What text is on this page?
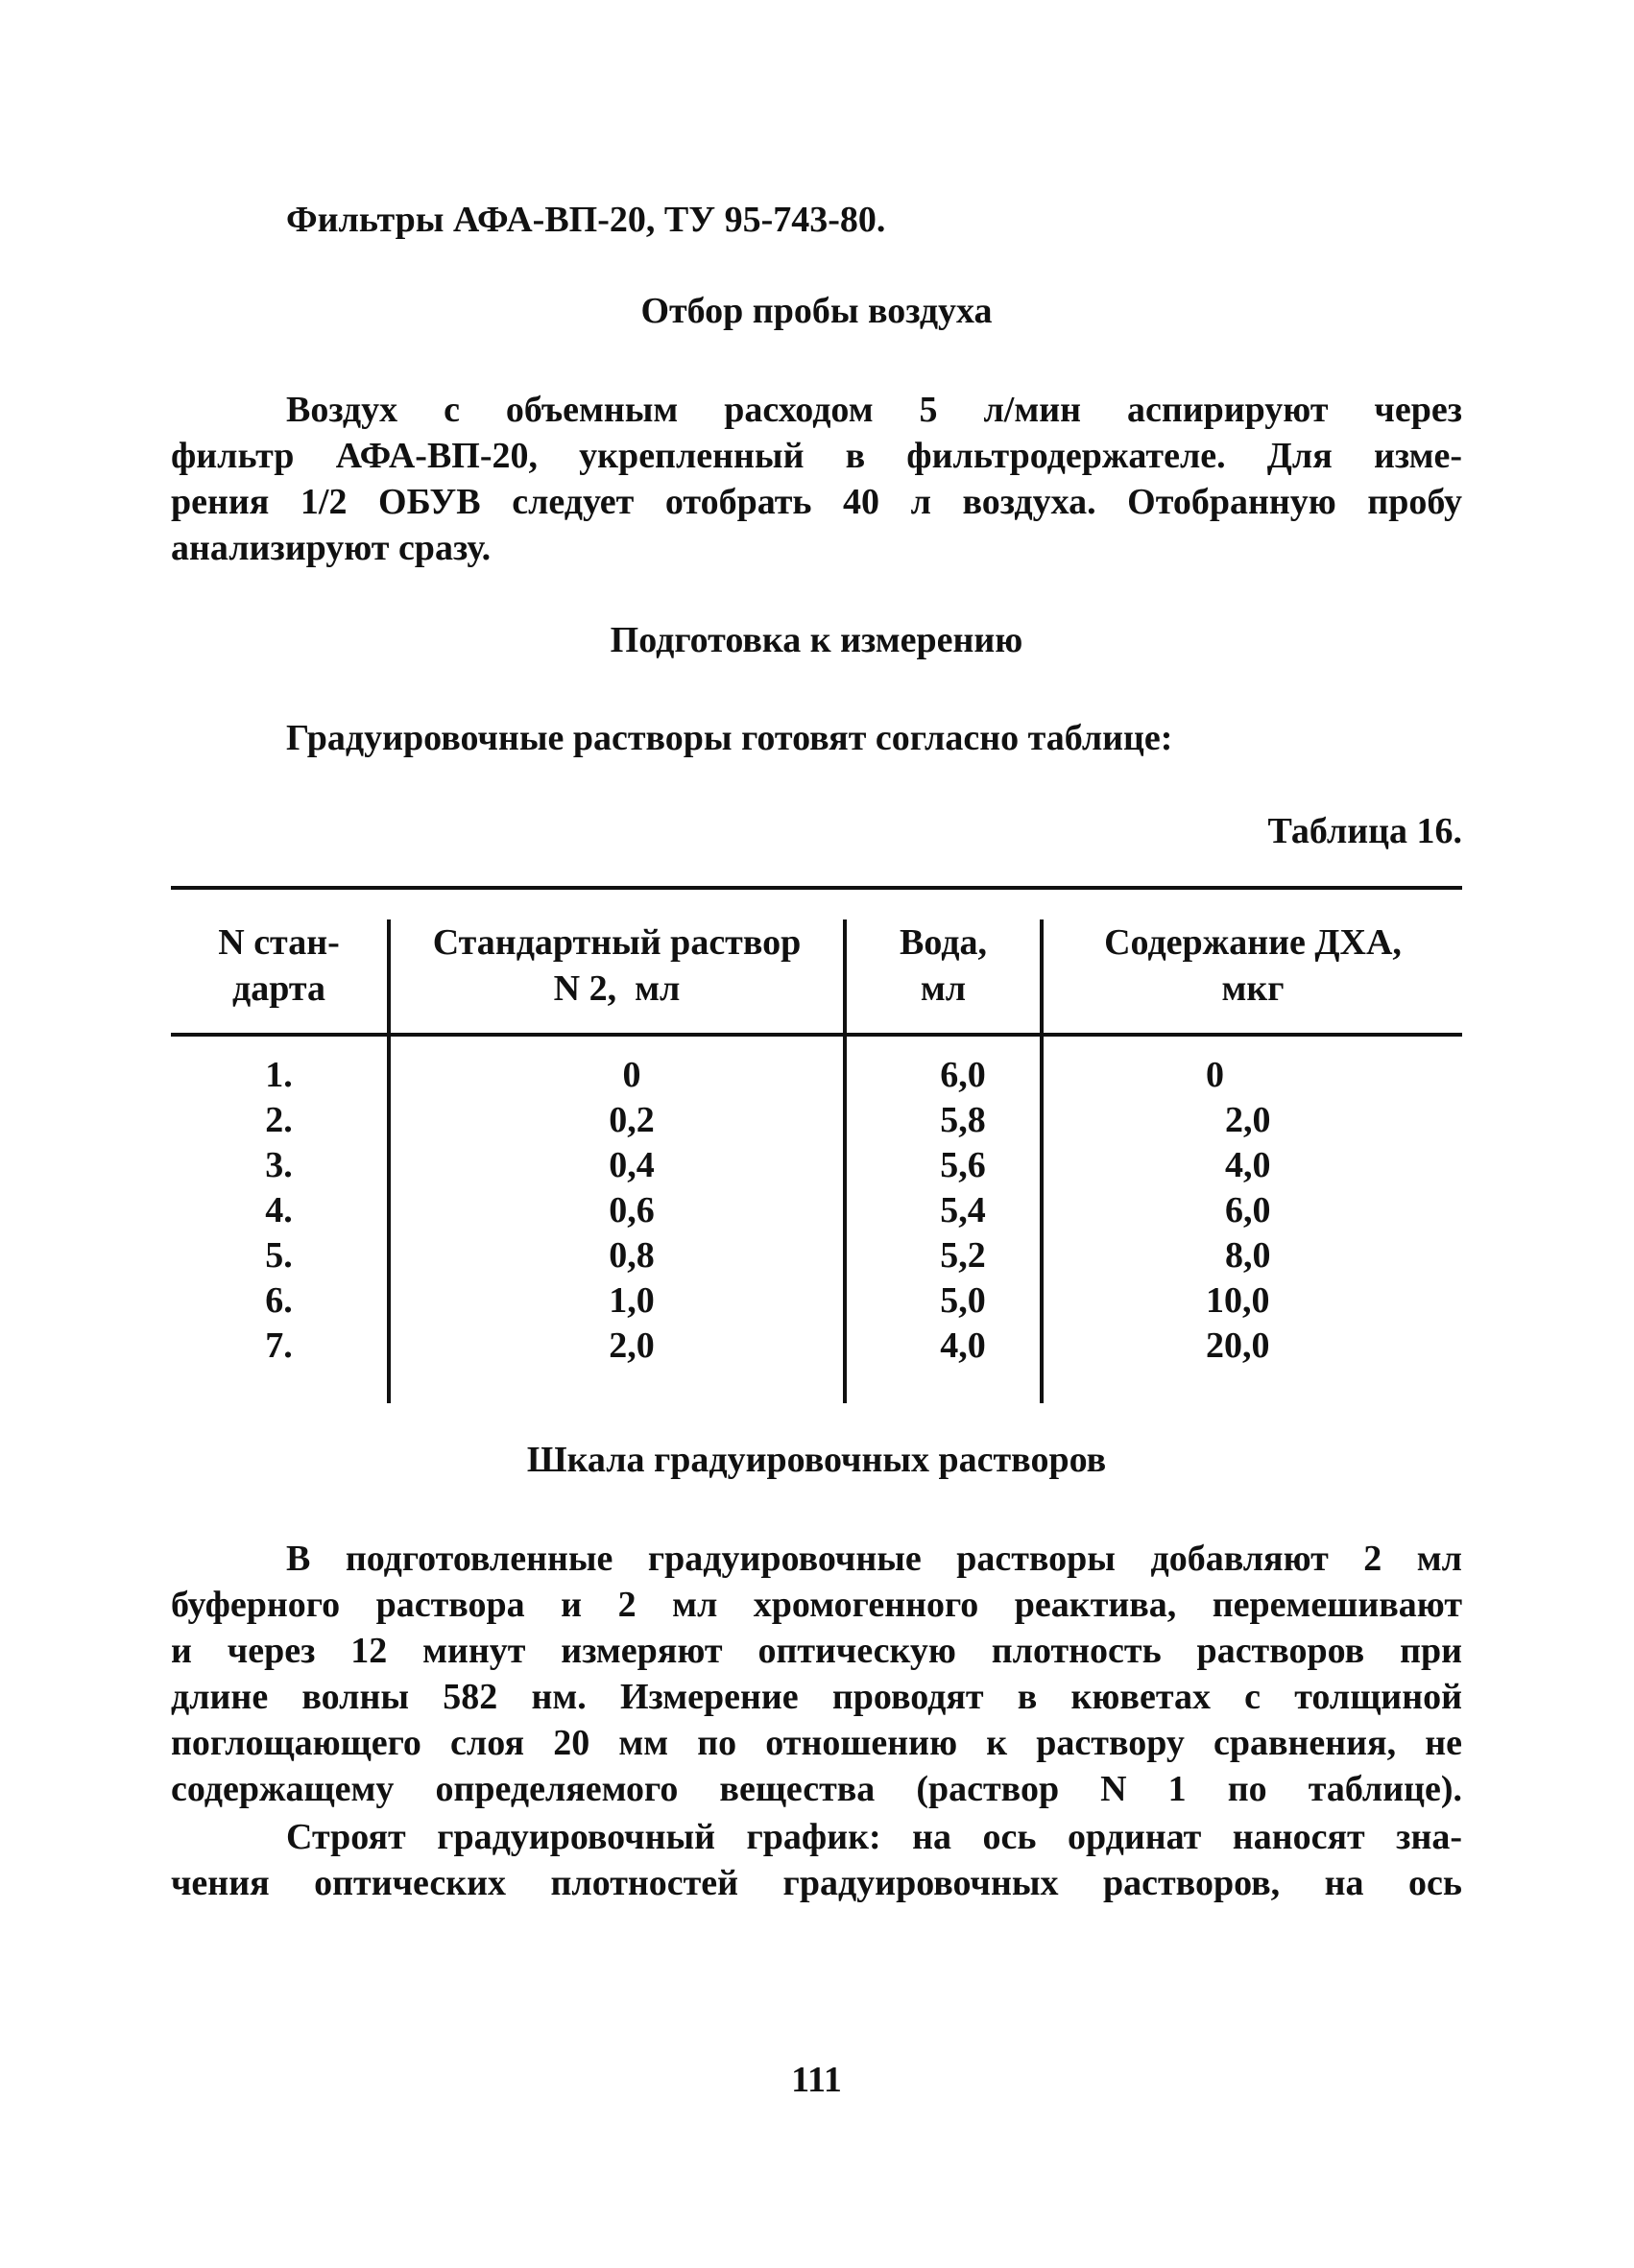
Фильтры АФА-ВП-20, ТУ 95-743-80.
Отбор пробы воздуха
Воздух с объемным расходом 5 л/мин аспирируют через
фильтр АФА-ВП-20, укрепленный в фильтродержателе. Для изме-
рения 1/2 ОБУВ следует отобрать 40 л воздуха. Отобранную пробу
анализируют сразу.
Подготовка к измерению
Градуировочные растворы готовят согласно таблице:
Таблица 16.
N стан-
дарта
Стандартный раствор
N 2,  мл
Вода,
мл
Содержание ДХА,
мкг
1.
2.
3.
4.
5.
6.
7.
0
0,2
0,4
0,6
0,8
1,0
2,0
6,0
5,8
5,6
5,4
5,2
5,0
4,0
0
2,0
4,0
6,0
8,0
10,0
20,0
Шкала градуировочных растворов
В подготовленные градуировочные растворы добавляют 2 мл
буферного раствора и 2 мл хромогенного реактива, перемешивают
и через 12 минут измеряют оптическую плотность растворов при
длине волны 582 нм. Измерение проводят в кюветах с толщиной
поглощающего слоя 20 мм по отношению к раствору сравнения, не
содержащему определяемого вещества (раствор N 1 по таблице).
Строят градуировочный график: на ось ординат наносят зна-
чения оптических плотностей градуировочных растворов, на ось
111
